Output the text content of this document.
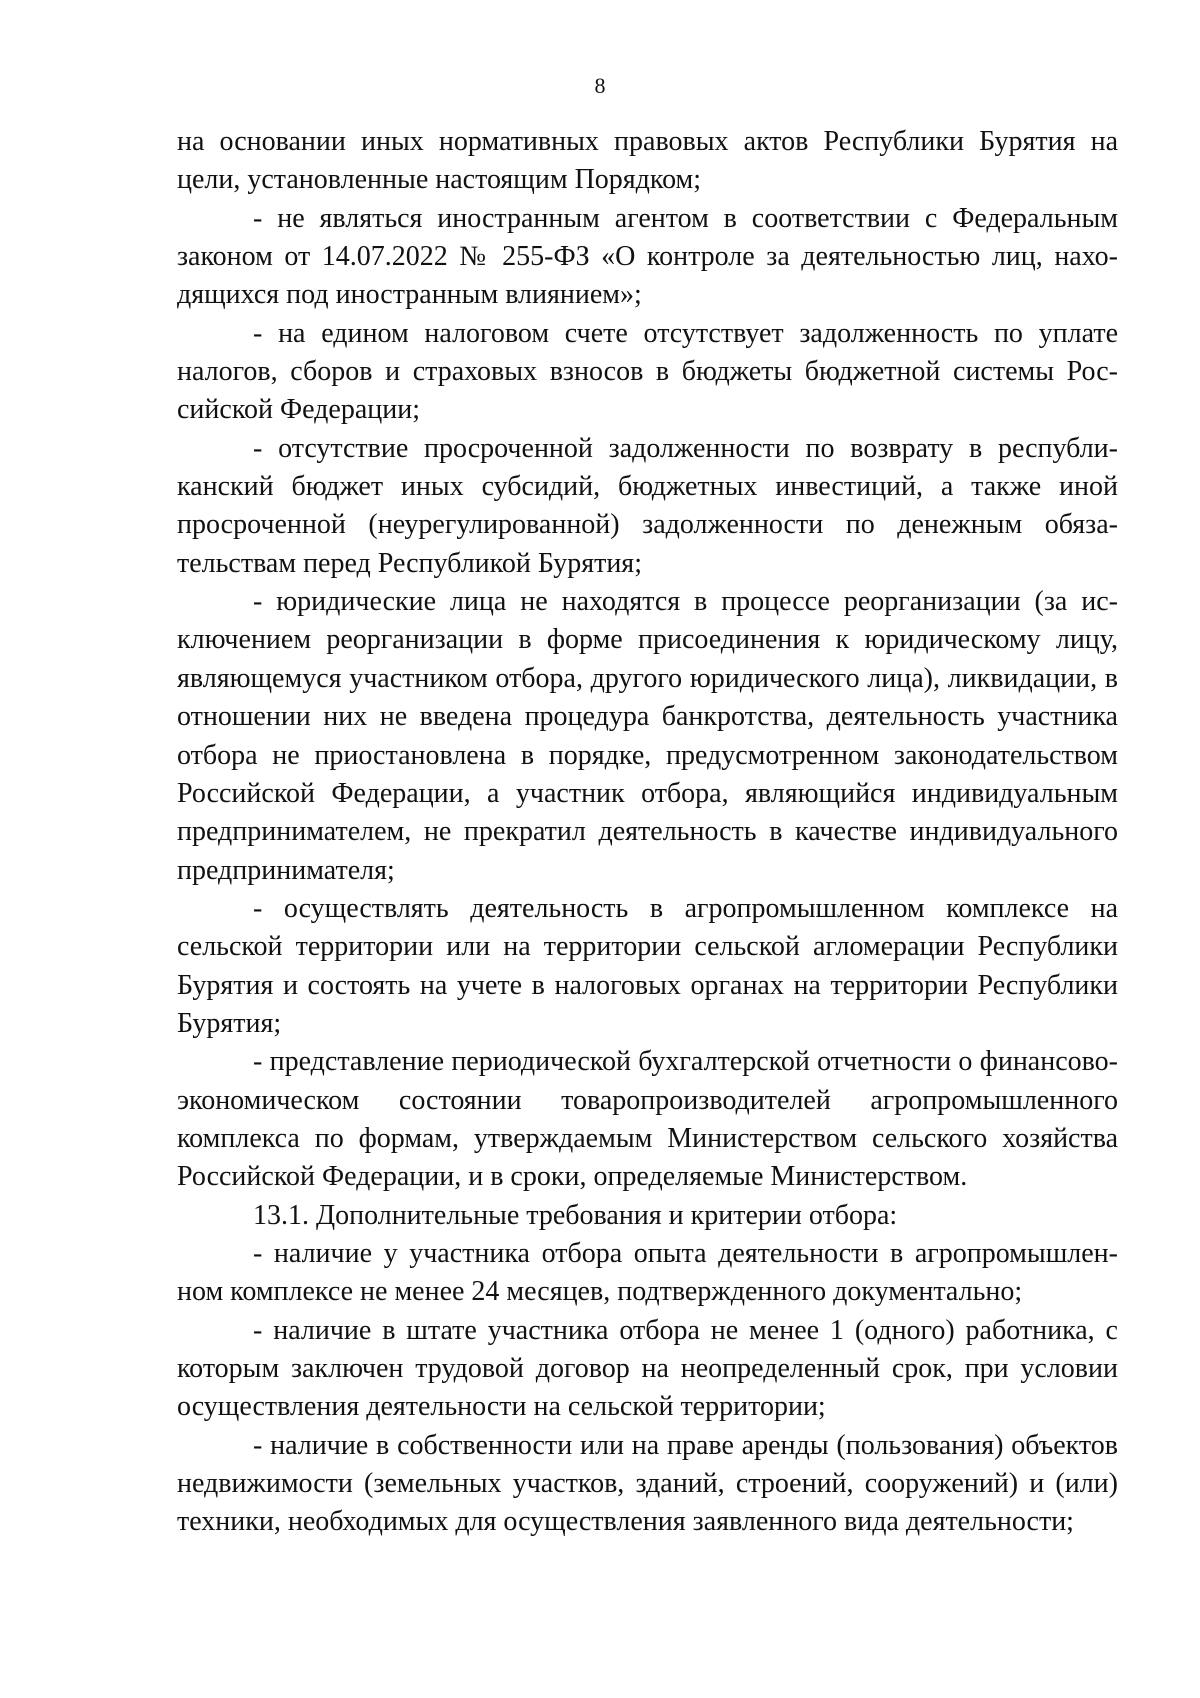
8

на основании иных нормативных правовых актов Республики Бурятия на цели, установленные настоящим Порядком;

- не являться иностранным агентом в соответствии с Федеральным законом от 14.07.2022 № 255-ФЗ «О контроле за деятельностью лиц, находящихся под иностранным влиянием»;

- на едином налоговом счете отсутствует задолженность по уплате налогов, сборов и страховых взносов в бюджеты бюджетной системы Российской Федерации;

- отсутствие просроченной задолженности по возврату в республиканский бюджет иных субсидий, бюджетных инвестиций, а также иной просроченной (неурегулированной) задолженности по денежным обязательствам перед Республикой Бурятия;

- юридические лица не находятся в процессе реорганизации (за исключением реорганизации в форме присоединения к юридическому лицу, являющемуся участником отбора, другого юридического лица), ликвидации, в отношении них не введена процедура банкротства, деятельность участника отбора не приостановлена в порядке, предусмотренном законодательством Российской Федерации, а участник отбора, являющийся индивидуальным предпринимателем, не прекратил деятельность в качестве индивидуального предпринимателя;

- осуществлять деятельность в агропромышленном комплексе на сельской территории или на территории сельской агломерации Республики Бурятия и состоять на учете в налоговых органах на территории Республики Бурятия;

- представление периодической бухгалтерской отчетности о финансово-экономическом состоянии товаропроизводителей агропромышленного комплекса по формам, утверждаемым Министерством сельского хозяйства Российской Федерации, и в сроки, определяемые Министерством.

13.1. Дополнительные требования и критерии отбора:

- наличие у участника отбора опыта деятельности в агропромышленном комплексе не менее 24 месяцев, подтвержденного документально;

- наличие в штате участника отбора не менее 1 (одного) работника, с которым заключен трудовой договор на неопределенный срок, при условии осуществления деятельности на сельской территории;

- наличие в собственности или на праве аренды (пользования) объектов недвижимости (земельных участков, зданий, строений, сооружений) и (или) техники, необходимых для осуществления заявленного вида деятельности;
